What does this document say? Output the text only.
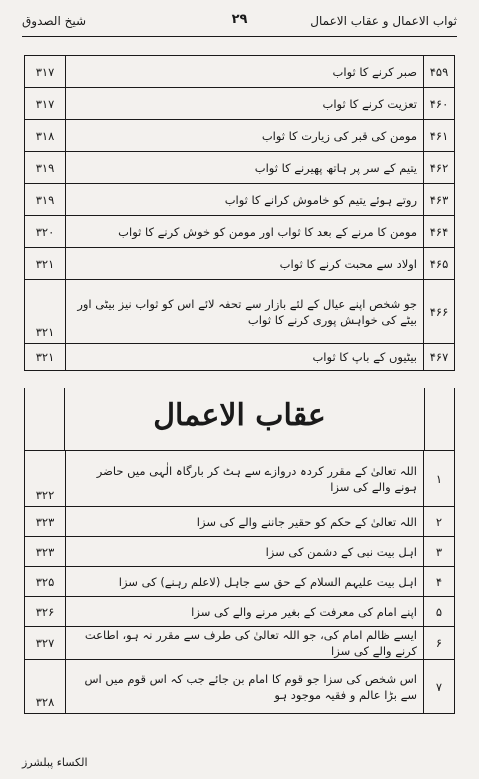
ثواب الاعمال و عقاب الاعمال
۲۹
شیخ الصدوق
۳۱۷	صبر کرنے کا ثواب	۴۵۹
۳۱۷	تعزیت کرنے کا ثواب	۴۶۰
۳۱۸	مومن کی قبر کی زیارت کا ثواب	۴۶۱
۳۱۹	یتیم کے سر پر ہاتھ پھیرنے کا ثواب	۴۶۲
۳۱۹	روتے ہوئے یتیم کو خاموش کرانے کا ثواب	۴۶۳
۳۲۰	مومن کا مرنے کے بعد کا ثواب اور مومن کو خوش کرنے کا ثواب	۴۶۴
۳۲۱	اولاد سے محبت کرنے کا ثواب	۴۶۵
۳۲۱	جو شخص اپنے عیال کے لئے بازار سے تحفہ لائے اس کو ثواب نیز بیٹی اور بیٹے کی خواہش پوری کرنے کا ثواب	۴۶۶
۳۲۱	بیٹیوں کے باپ کا ثواب	۴۶۷
عقاب الاعمال
۳۲۲	اللہ تعالیٰ کے مقرر کردہ دروازے سے ہٹ کر بارگاہ الٰہی میں حاضر ہونے والے کی سزا	۱
۳۲۳	اللہ تعالیٰ کے حکم کو حقیر جاننے والے کی سزا	۲
۳۲۳	اہل بیت نبی کے دشمن کی سزا	۳
۳۲۵	اہل بیت علیہم السلام کے حق سے جاہل (لاعلم رہنے) کی سزا	۴
۳۲۶	اپنے امام کی معرفت کے بغیر مرنے والے کی سزا	۵
۳۲۷	ایسے ظالم امام کی، جو اللہ تعالیٰ کی طرف سے مقرر نہ ہو، اطاعت کرنے والے کی سزا	۶
۳۲۸	اس شخص کی سزا جو قوم کا امام بن جائے جب کہ اس قوم میں اس سے بڑا عالم و فقیہ موجود ہو	۷
الکساء پبلشرز
